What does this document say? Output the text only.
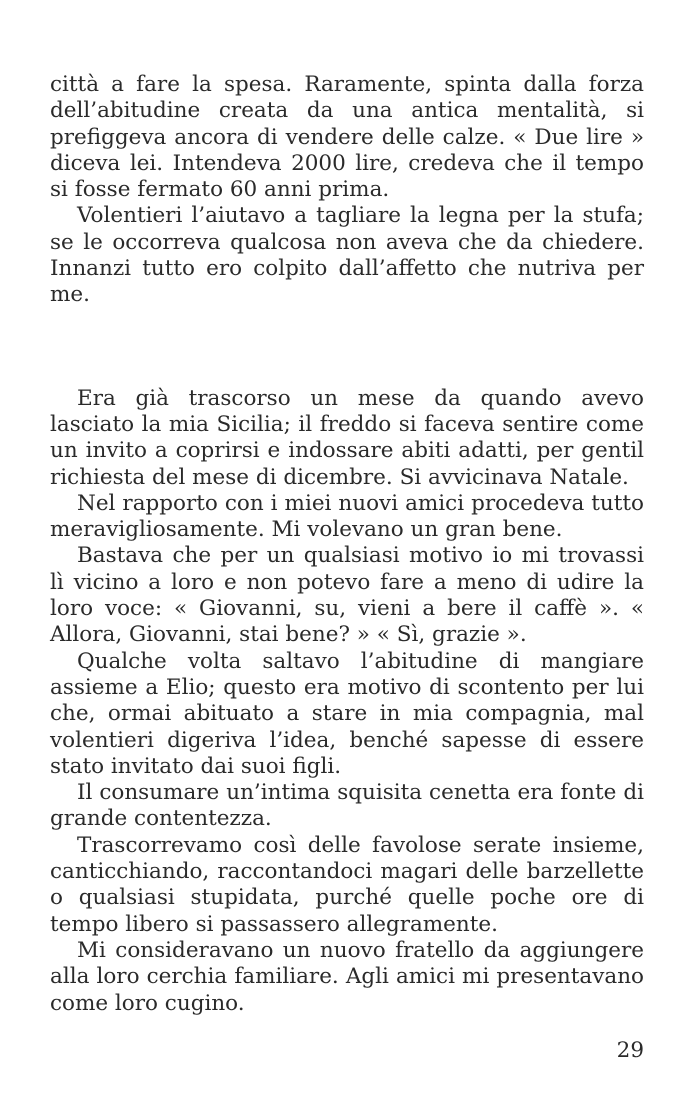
città a fare la spesa. Raramente, spinta dalla forza dell’abitudine creata da una antica mentalità, si prefiggeva ancora di vendere delle calze. « Due lire » diceva lei. Intendeva 2000 lire, credeva che il tempo si fosse fermato 60 anni prima.

Volentieri l’aiutavo a tagliare la legna per la stufa; se le occorreva qualcosa non aveva che da chiedere. Innanzi tutto ero colpito dall’affetto che nutriva per me.

Era già trascorso un mese da quando avevo lasciato la mia Sicilia; il freddo si faceva sentire come un invito a coprirsi e indossare abiti adatti, per gentil richiesta del mese di dicembre. Si avvicinava Natale.

Nel rapporto con i miei nuovi amici procedeva tutto meravigliosamente. Mi volevano un gran bene.

Bastava che per un qualsiasi motivo io mi trovassi lì vicino a loro e non potevo fare a meno di udire la loro voce: « Giovanni, su, vieni a bere il caffè ». « Allora, Giovanni, stai bene? » « Sì, grazie ».

Qualche volta saltavo l’abitudine di mangiare assieme a Elio; questo era motivo di scontento per lui che, ormai abituato a stare in mia compagnia, mal volentieri digeriva l’idea, benché sapesse di essere stato invitato dai suoi figli.

Il consumare un’intima squisita cenetta era fonte di grande contentezza.

Trascorrevamo così delle favolose serate insieme, canticchiando, raccontandoci magari delle barzellette o qualsiasi stupidata, purché quelle poche ore di tempo libero si passassero allegramente.

Mi consideravano un nuovo fratello da aggiungere alla loro cerchia familiare. Agli amici mi presentavano come loro cugino.

29
